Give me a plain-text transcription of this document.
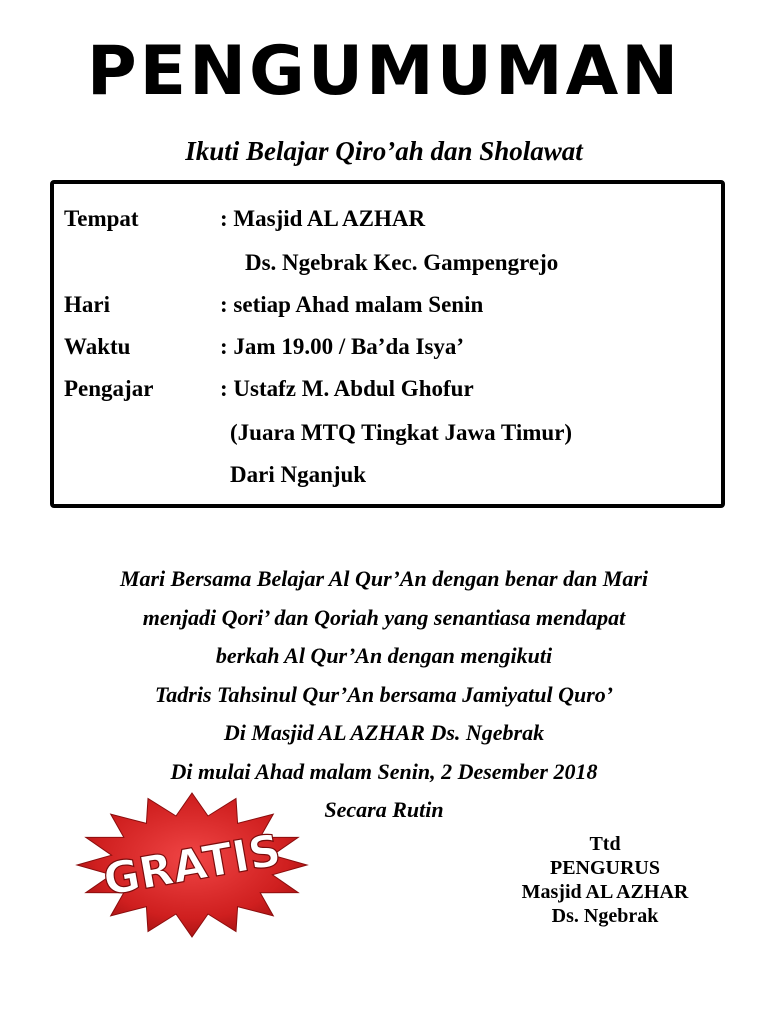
PENGUMUMAN
Ikuti Belajar Qiro’ah dan Sholawat
Tempat	: Masjid AL AZHAR
Ds. Ngebrak Kec. Gampengrejo
Hari	: setiap Ahad malam Senin
Waktu	: Jam 19.00 / Ba’da Isya’
Pengajar	: Ustafz M. Abdul Ghofur
(Juara MTQ Tingkat Jawa Timur)
Dari Nganjuk
Mari Bersama Belajar Al Qur’An dengan benar dan Mari
menjadi Qori’ dan Qoriah yang senantiasa mendapat
berkah Al Qur’An dengan mengikuti
Tadris Tahsinul Qur’An bersama Jamiyatul Quro’
Di Masjid AL AZHAR Ds. Ngebrak
Di mulai Ahad malam Senin, 2 Desember 2018
Secara Rutin
GRATIS	Ttd
PENGURUS
Masjid AL AZHAR
Ds. Ngebrak
